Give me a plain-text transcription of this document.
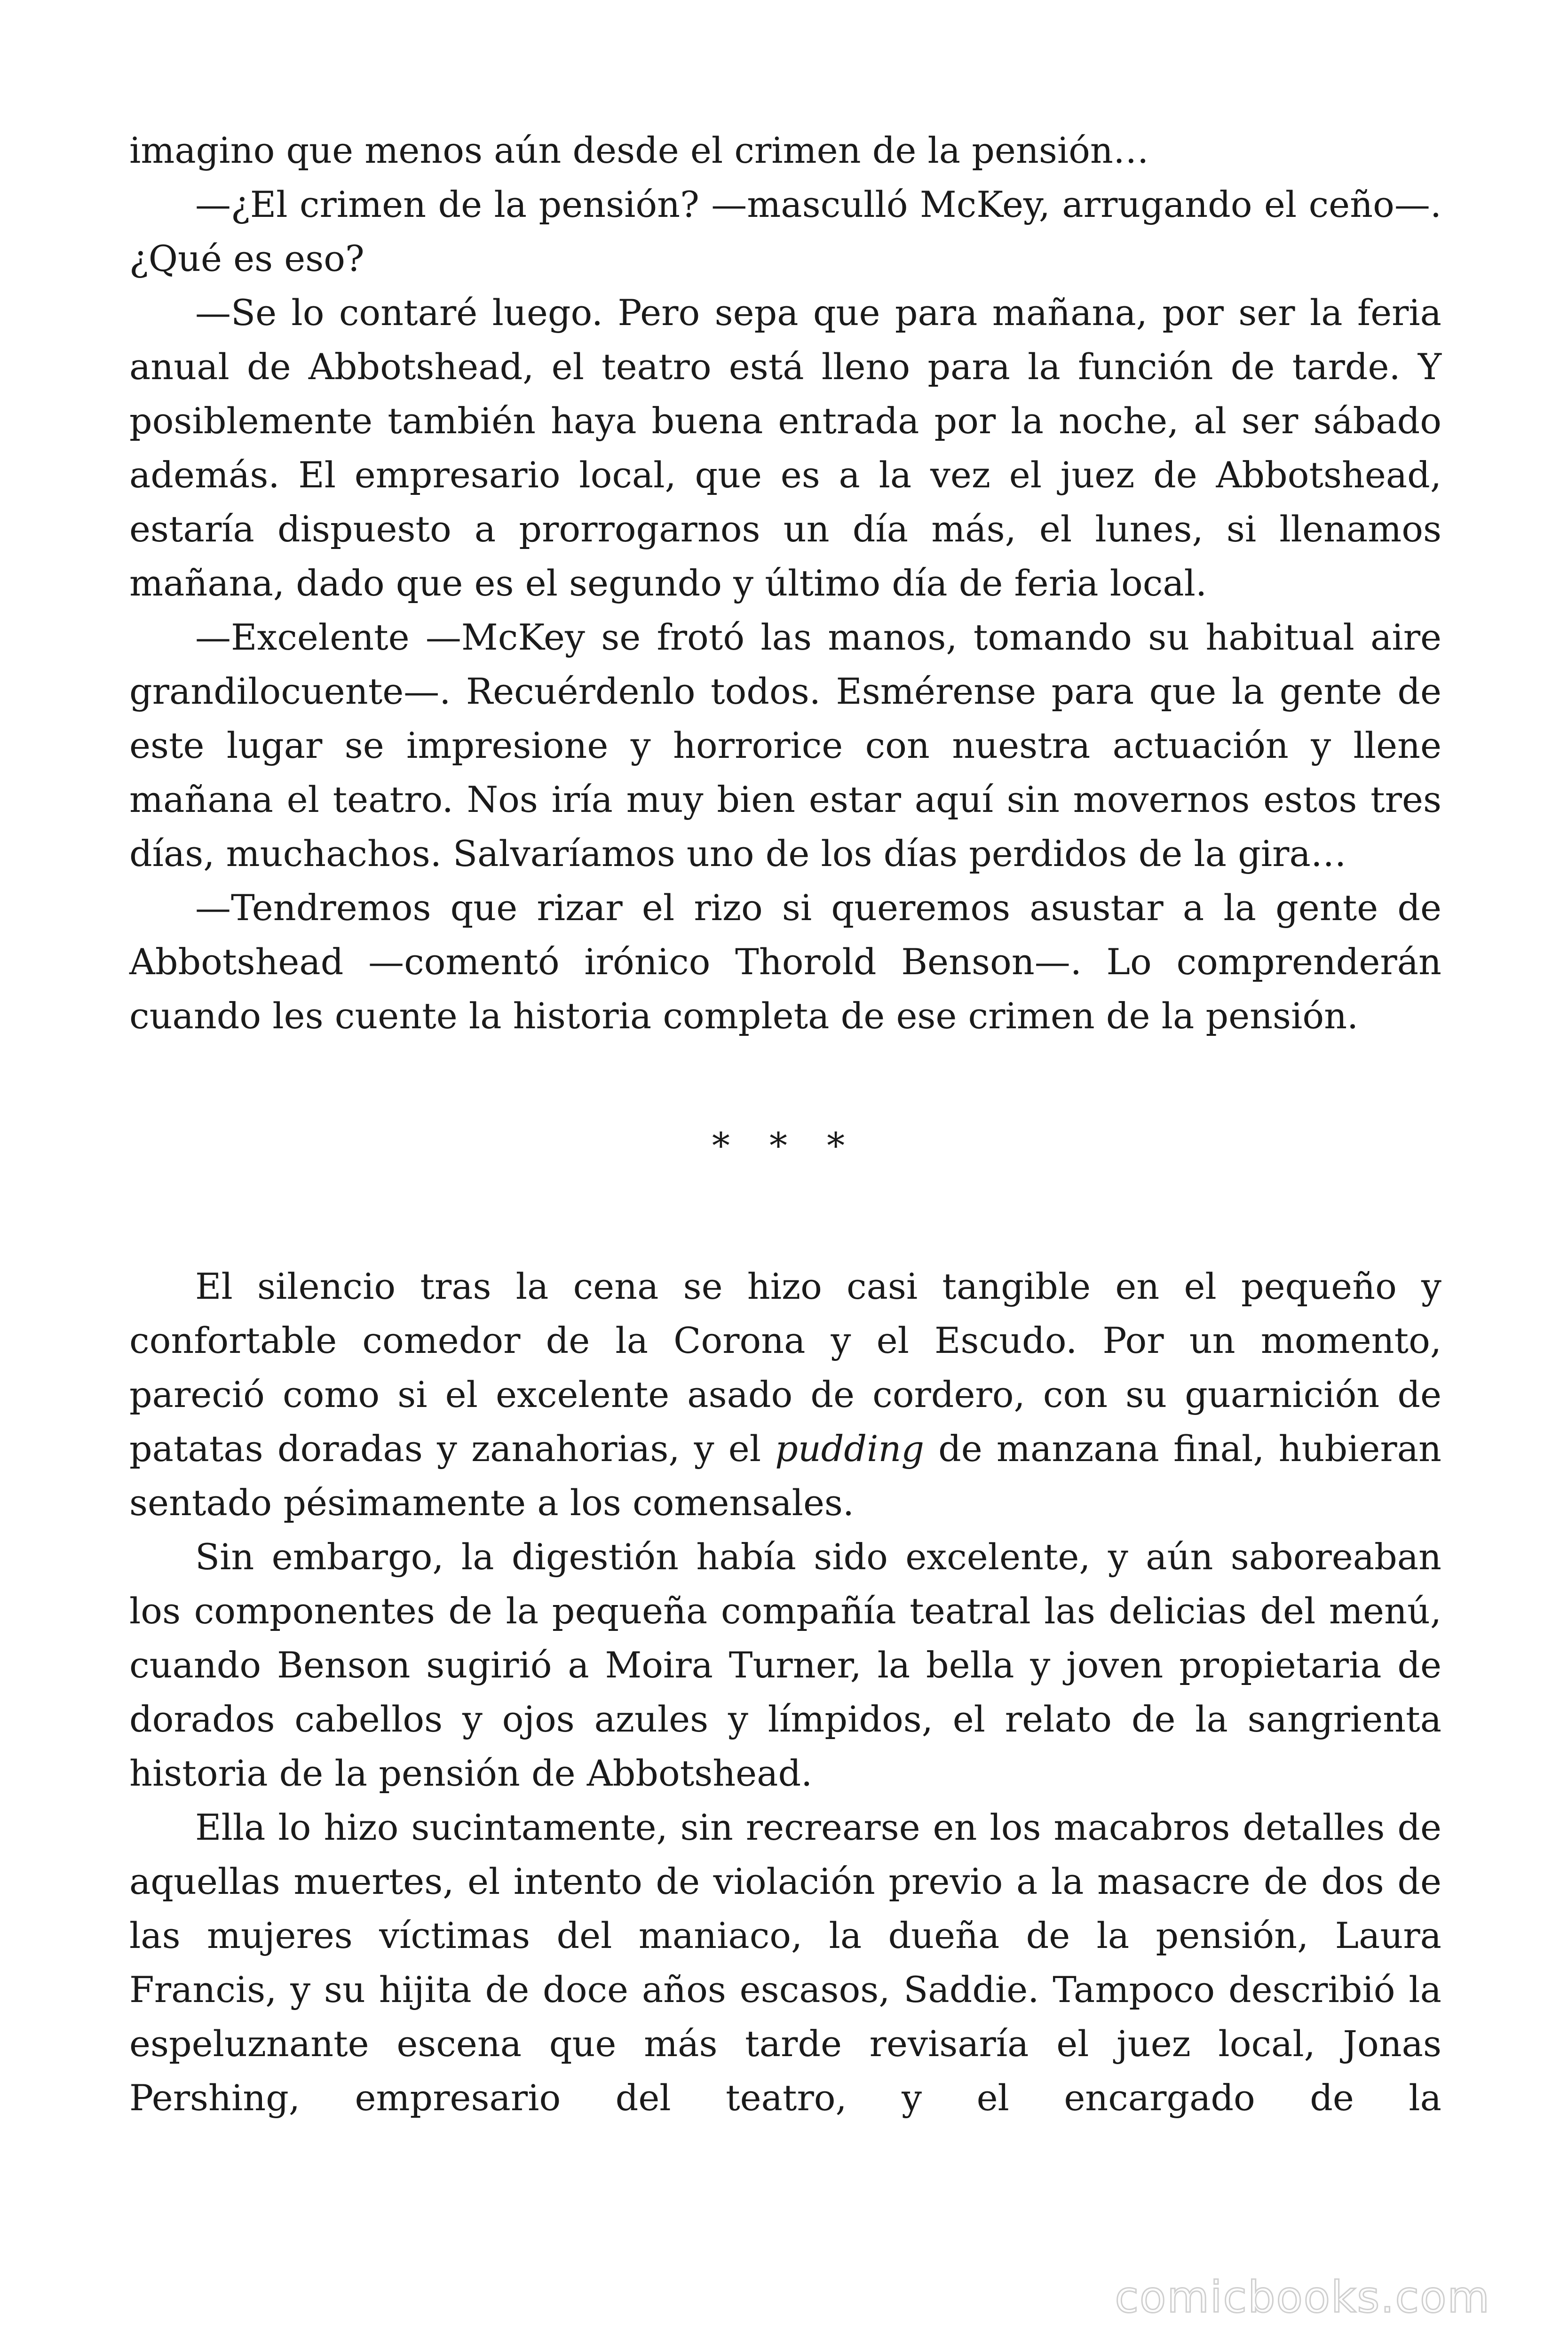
imagino que menos aún desde el crimen de la pensión…

—¿El crimen de la pensión? —masculló McKey, arrugando el ceño—. ¿Qué es eso?

—Se lo contaré luego. Pero sepa que para mañana, por ser la feria anual de Abbotshead, el teatro está lleno para la función de tarde. Y posiblemente también haya buena entrada por la noche, al ser sábado además. El empresario local, que es a la vez el juez de Abbotshead, estaría dispuesto a prorrogarnos un día más, el lunes, si llenamos mañana, dado que es el segundo y último día de feria local.

—Excelente —McKey se frotó las manos, tomando su habitual aire grandilocuente—. Recuérdenlo todos. Esmérense para que la gente de este lugar se impresione y horrorice con nuestra actuación y llene mañana el teatro. Nos iría muy bien estar aquí sin movernos estos tres días, muchachos. Salvaríamos uno de los días perdidos de la gira…

—Tendremos que rizar el rizo si queremos asustar a la gente de Abbotshead —comentó irónico Thorold Benson—. Lo comprenderán cuando les cuente la historia completa de ese crimen de la pensión.

* * *

El silencio tras la cena se hizo casi tangible en el pequeño y confortable comedor de la Corona y el Escudo. Por un momento, pareció como si el excelente asado de cordero, con su guarnición de patatas doradas y zanahorias, y el pudding de manzana final, hubieran sentado pésimamente a los comensales.

Sin embargo, la digestión había sido excelente, y aún saboreaban los componentes de la pequeña compañía teatral las delicias del menú, cuando Benson sugirió a Moira Turner, la bella y joven propietaria de dorados cabellos y ojos azules y límpidos, el relato de la sangrienta historia de la pensión de Abbotshead.

Ella lo hizo sucintamente, sin recrearse en los macabros detalles de aquellas muertes, el intento de violación previo a la masacre de dos de las mujeres víctimas del maniaco, la dueña de la pensión, Laura Francis, y su hijita de doce años escasos, Saddie. Tampoco describió la espeluznante escena que más tarde revisaría el juez local, Jonas Pershing, empresario del teatro, y el encargado de la

comicbooks.com
